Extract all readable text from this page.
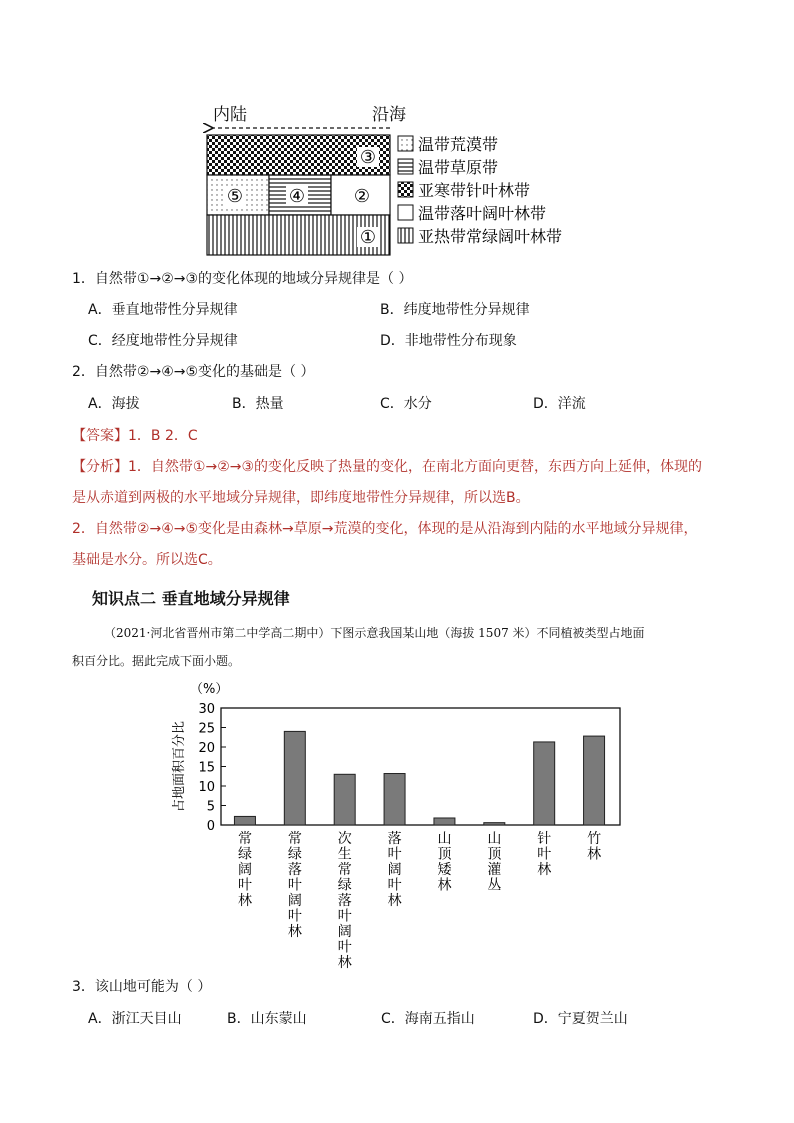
内陆	沿海
③
⑤	④	②
①
温带荒漠带
温带草原带
亚寒带针叶林带
温带落叶阔叶林带
亚热带常绿阔叶林带
1．自然带①→②→③的变化体现的地域分异规律是（ ）
A．垂直地带性分异规律	B．纬度地带性分异规律
C．经度地带性分异规律	D．非地带性分布现象
2．自然带②→④→⑤变化的基础是（ ）
A．海拔	B．热量	C．水分	D．洋流
【答案】1．B 2．C
【分析】1．自然带①→②→③的变化反映了热量的变化，在南北方面向更替，东西方向上延伸，体现的
是从赤道到两极的水平地域分异规律，即纬度地带性分异规律，所以选B。
2．自然带②→④→⑤变化是由森林→草原→荒漠的变化，体现的是从沿海到内陆的水平地域分异规律，
基础是水分。所以选C。
知识点二 垂直地域分异规律
（2021·河北省晋州市第二中学高二期中）下图示意我国某山地（海拔 1507 米）不同植被类型占地面
积百分比。据此完成下面小题。
（%）
0
5
10
15
20
25
30
占地面积百分比
常绿阔叶林
常绿落叶阔叶林
次生常绿落叶阔叶林
落叶阔叶林
山顶矮林
山顶灌丛
针叶林
竹林
3．该山地可能为（ ）
A．浙江天目山	B．山东蒙山	C．海南五指山	D．宁夏贺兰山
